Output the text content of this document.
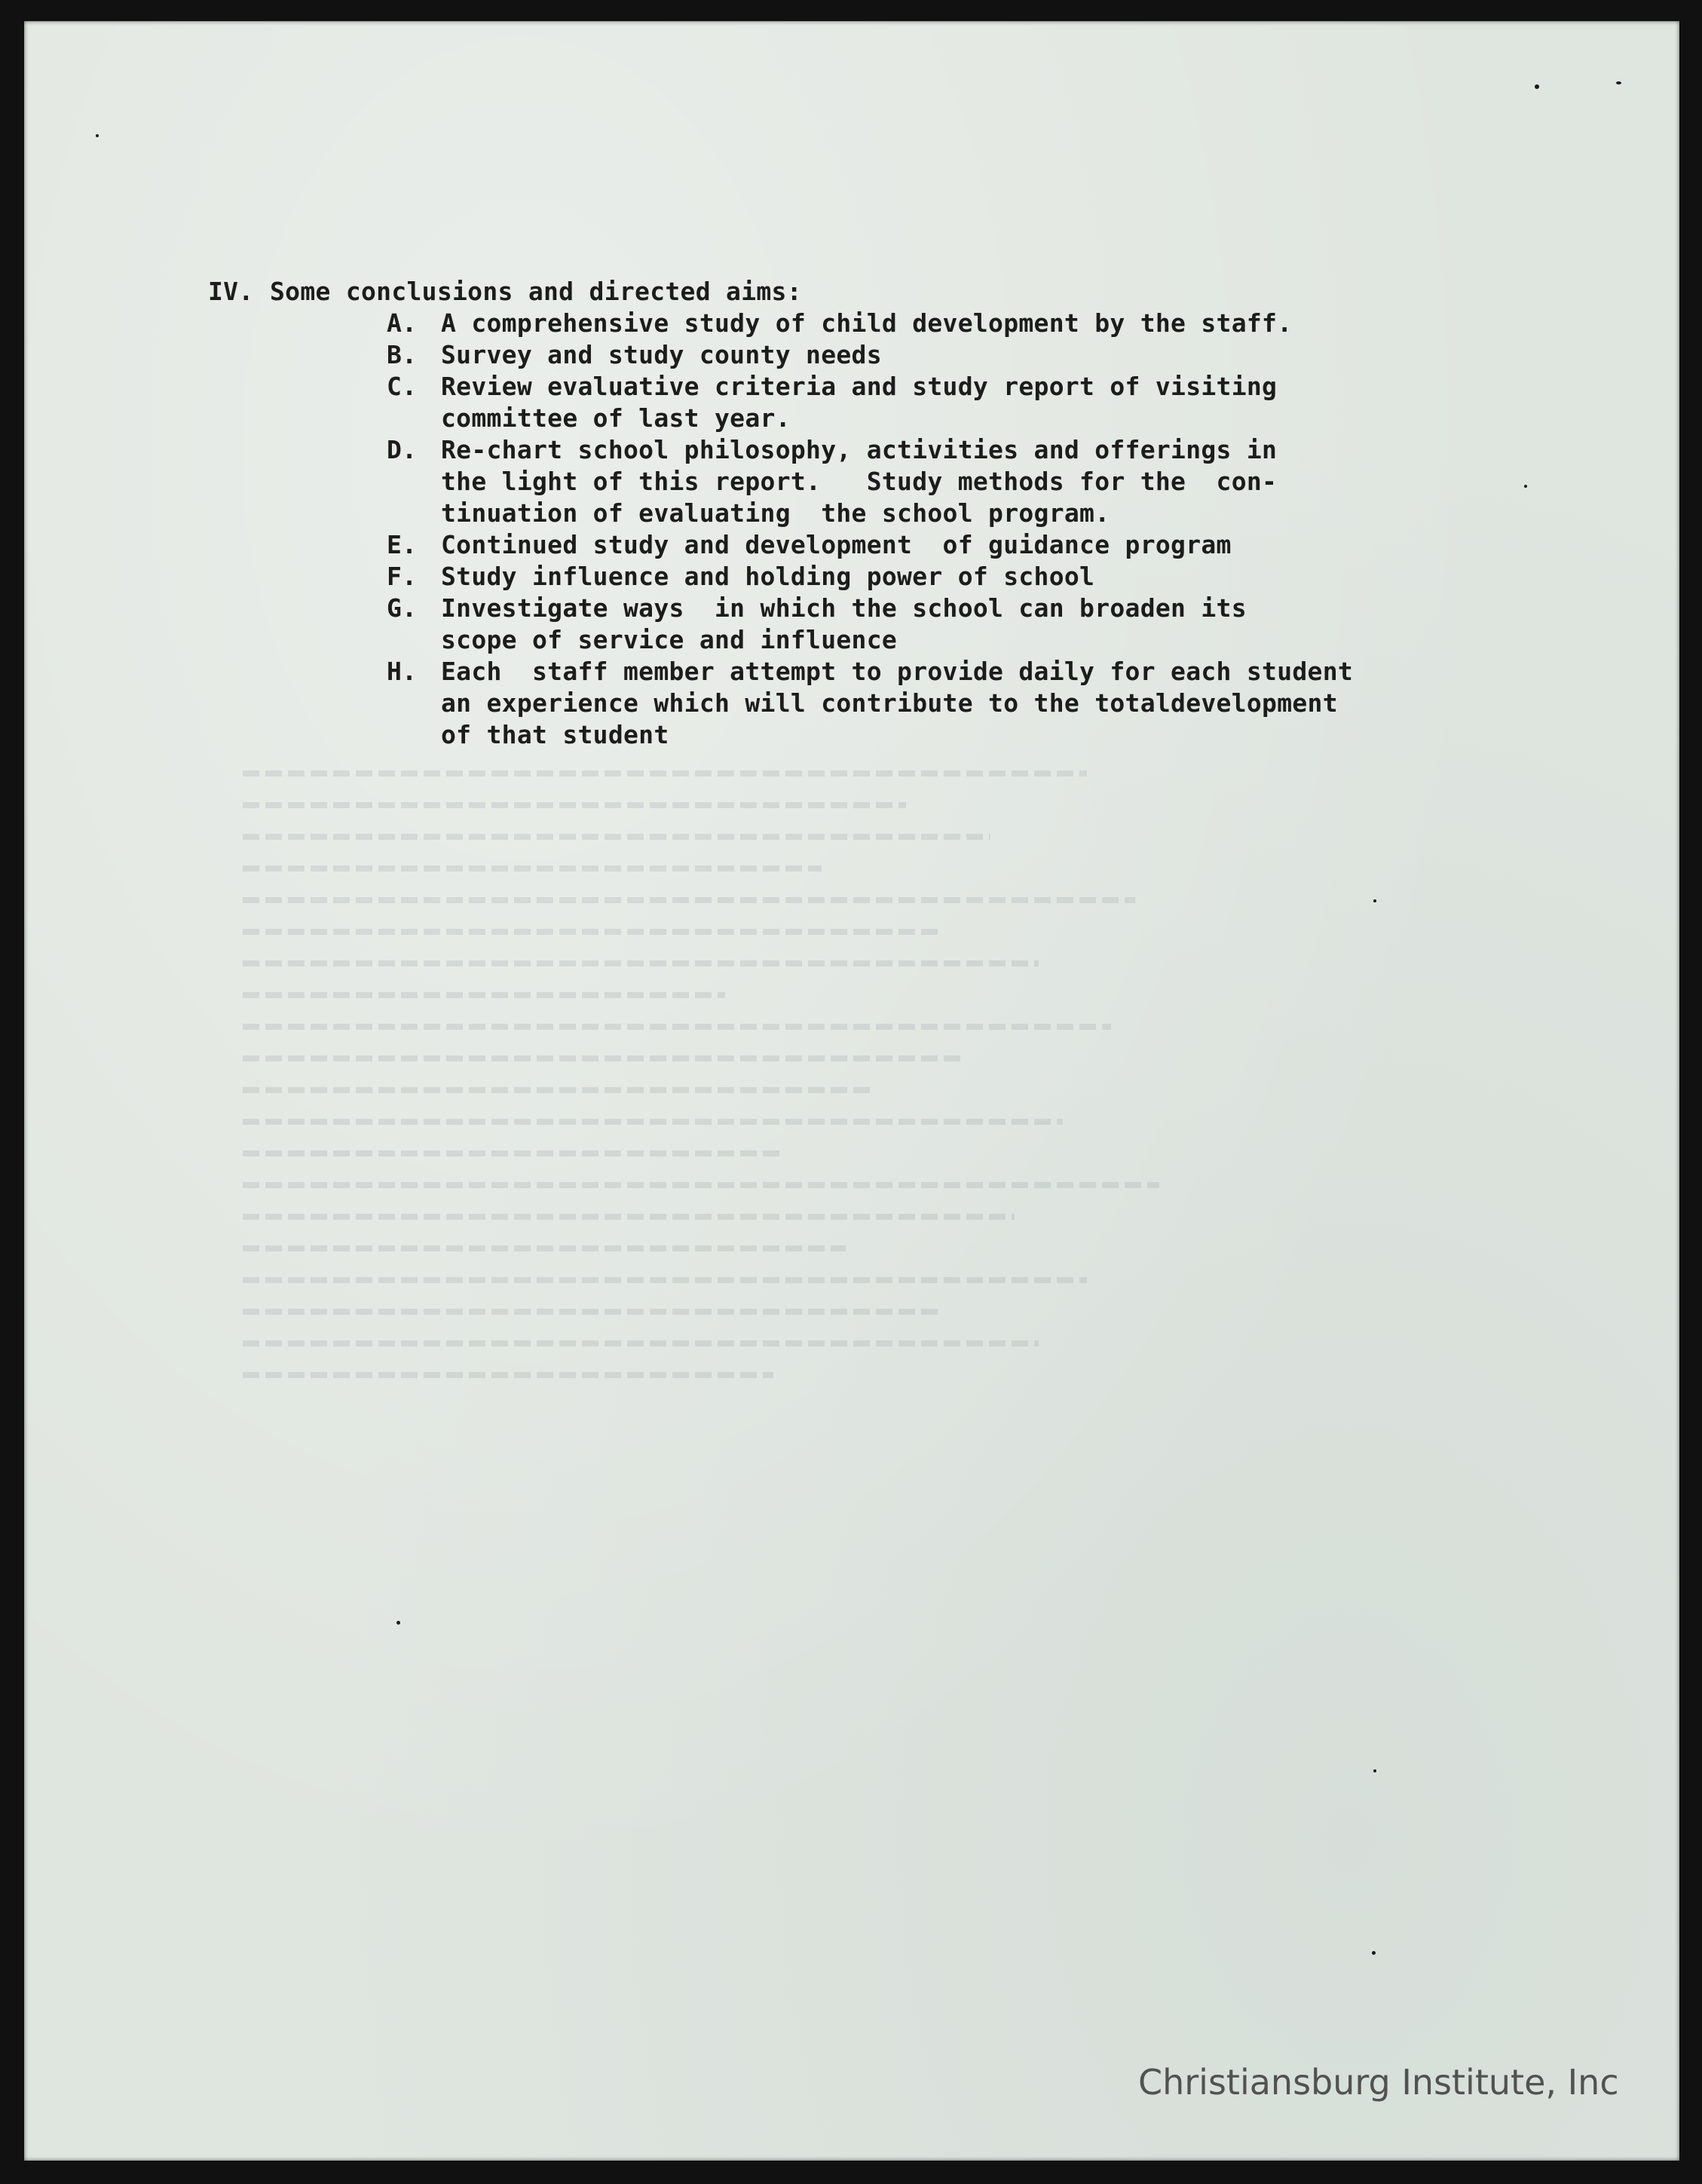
IV. Some conclusions and directed aims:
A. A comprehensive study of child development by the staff.
B. Survey and study county needs
C. Review evaluative criteria and study report of visiting
committee of last year.
D. Re-chart school philosophy, activities and offerings in
the light of this report.   Study methods for the  con-
tinuation of evaluating  the school program.
E. Continued study and development  of guidance program
F. Study influence and holding power of school
G. Investigate ways  in which the school can broaden its
scope of service and influence
H. Each  staff member attempt to provide daily for each student
an experience which will contribute to the totaldevelopment
of that student
Christiansburg Institute, Inc
